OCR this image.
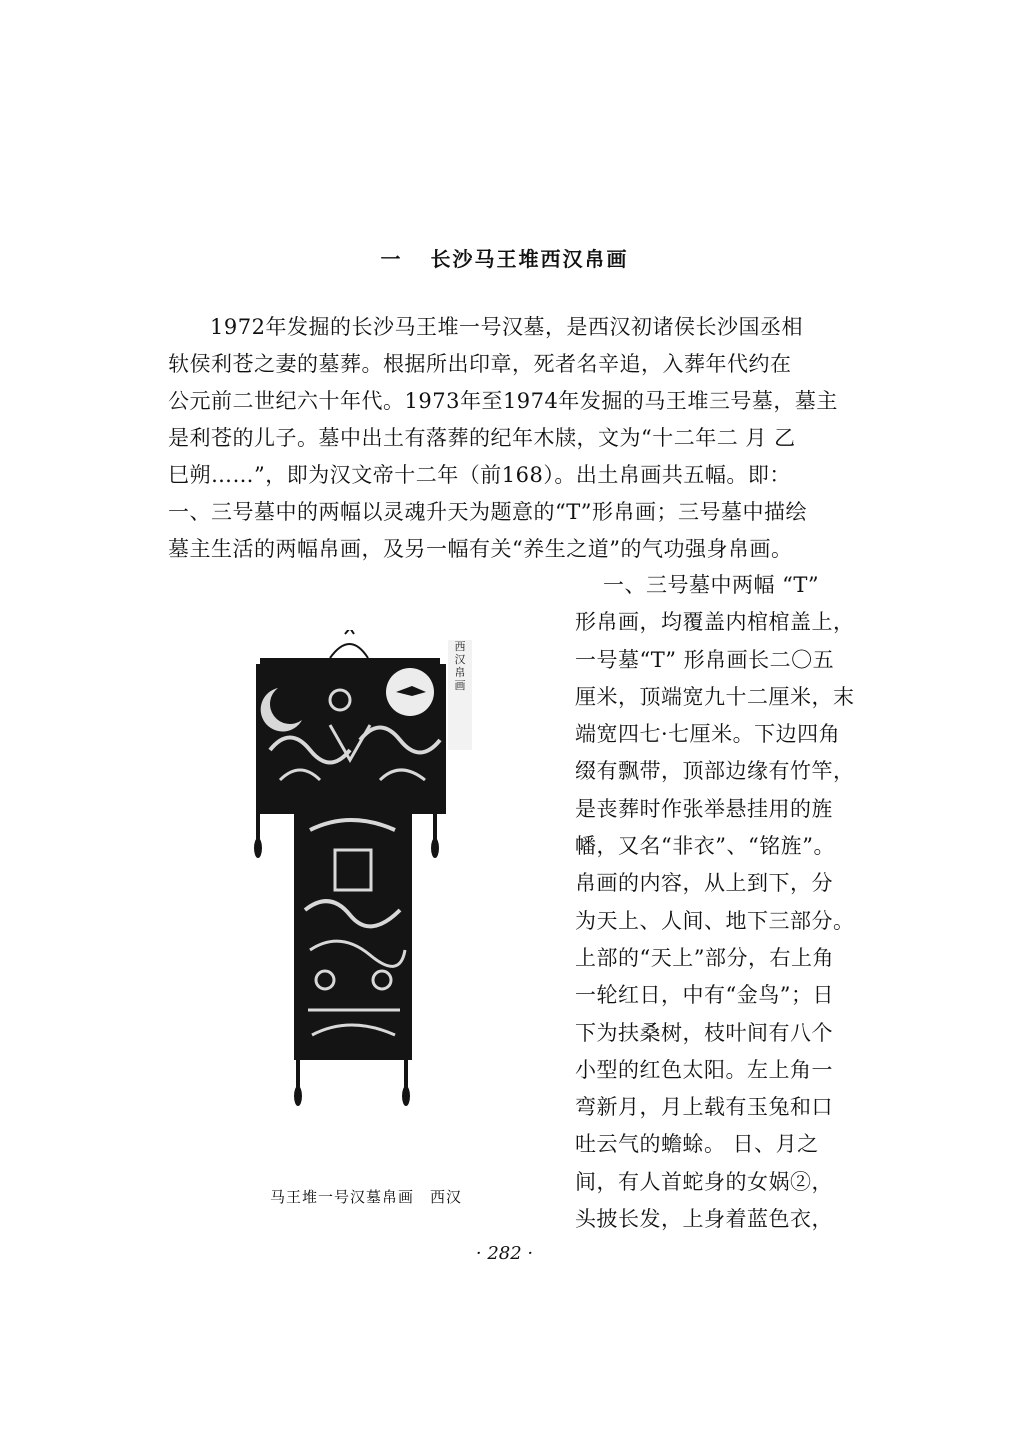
一 长沙马王堆西汉帛画
1972年发掘的长沙马王堆一号汉墓，是西汉初诸侯长沙国丞相
轪侯利苍之妻的墓葬。根据所出印章，死者名辛追，入葬年代约在
公元前二世纪六十年代。1973年至1974年发掘的马王堆三号墓，墓主
是利苍的儿子。墓中出土有落葬的纪年木牍，文为“十二年二 月 乙
巳朔……”，即为汉文帝十二年（前168）。出土帛画共五幅。即：
一、三号墓中的两幅以灵魂升天为题意的“T”形帛画；三号墓中描绘
墓主生活的两幅帛画，及另一幅有关“养生之道”的气功强身帛画。
一、三号墓中两幅 “T”
形帛画，均覆盖内棺棺盖上，
一号墓“T” 形帛画长二〇五
厘米，顶端宽九十二厘米，末
端宽四七·七厘米。下边四角
缀有飘带，顶部边缘有竹竿，
是丧葬时作张举悬挂用的旌
幡，又名“非衣”、“铭旌”。
帛画的内容，从上到下，分
为天上、人间、地下三部分。
上部的“天上”部分，右上角
一轮红日，中有“金鸟”；日
下为扶桑树，枝叶间有八个
小型的红色太阳。左上角一
弯新月，月上载有玉兔和口
吐云气的蟾蜍。 日、月之
间，有人首蛇身的女娲②，
头披长发，上身着蓝色衣，
西
汉
帛
画
马王堆一号汉墓帛画　西汉
· 282 ·
